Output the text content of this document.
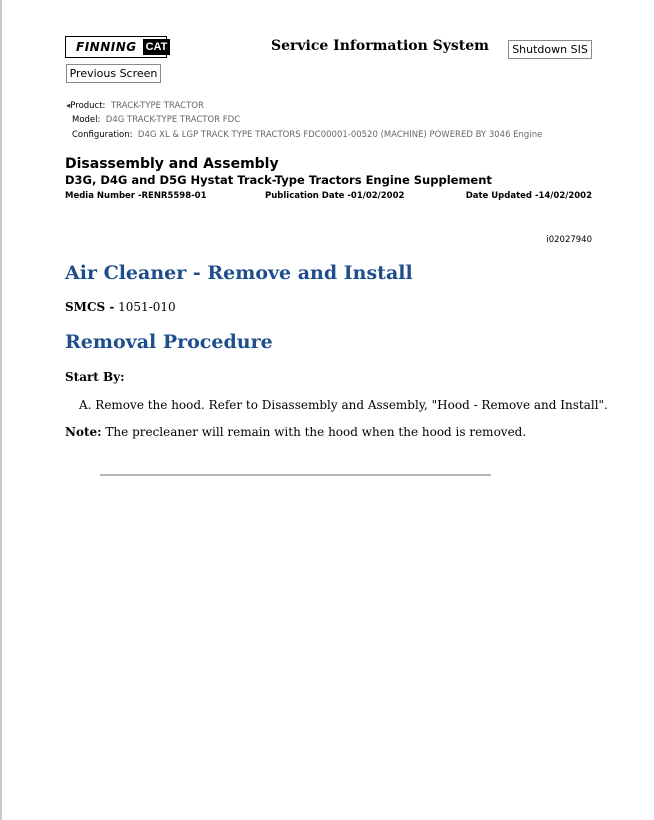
FINNING CAT	Service Information System	Shutdown SIS
Previous Screen
◂Product: TRACK-TYPE TRACTOR
Model: D4G TRACK-TYPE TRACTOR FDC
Configuration: D4G XL & LGP TRACK TYPE TRACTORS FDC00001-00520 (MACHINE) POWERED BY 3046 Engine
Disassembly and Assembly
D3G, D4G and D5G Hystat Track-Type Tractors Engine Supplement
Media Number -RENR5598-01	Publication Date -01/02/2002	Date Updated -14/02/2002
i02027940
Air Cleaner - Remove and Install
SMCS - 1051-010
Removal Procedure
Start By:
A. Remove the hood. Refer to Disassembly and Assembly, "Hood - Remove and Install".
Note: The precleaner will remain with the hood when the hood is removed.
